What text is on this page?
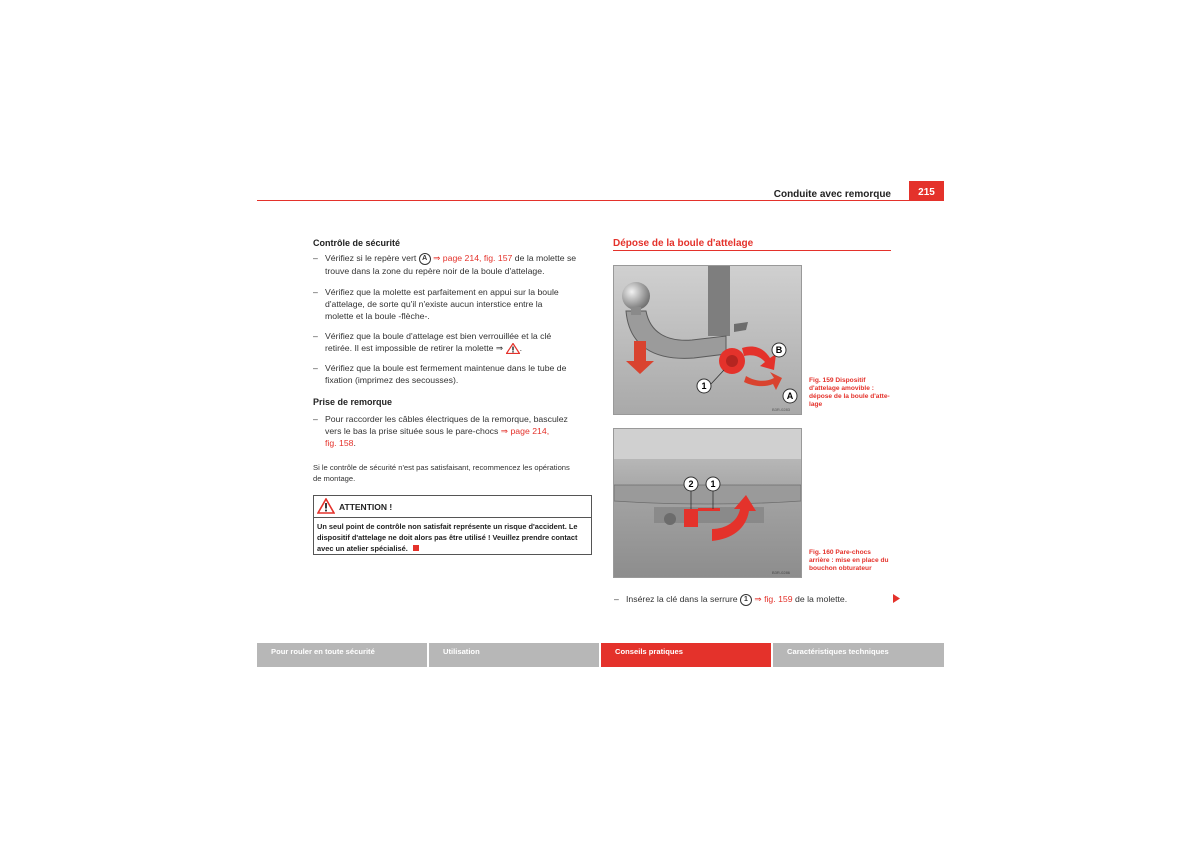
Conduite avec remorque	215
Contrôle de sécurité
– Vérifiez si le repère vert A ⇒ page 214, fig. 157 de la molette se
trouve dans la zone du repère noir de la boule d'attelage.
– Vérifiez que la molette est parfaitement en appui sur la boule
d'attelage, de sorte qu'il n'existe aucun interstice entre la
molette et la boule -flèche-.
– Vérifiez que la boule d'attelage est bien verrouillée et la clé
retirée. Il est impossible de retirer la molette ⇒ .
– Vérifiez que la boule est fermement maintenue dans le tube de
fixation (imprimez des secousses).
Prise de remorque
– Pour raccorder les câbles électriques de la remorque, basculez
vers le bas la prise située sous le pare-chocs ⇒ page 214,
fig. 158.
Si le contrôle de sécurité n'est pas satisfaisant, recommencez les opérations
de montage.
ATTENTION !
Un seul point de contrôle non satisfait représente un risque d'accident. Le
dispositif d'attelage ne doit alors pas être utilisé ! Veuillez prendre contact
avec un atelier spécialisé.
Dépose de la boule d'attelage
1
B
A
B3R-0283
Fig. 159 Dispositif
d'attelage amovible :
dépose de la boule d'atte-
lage
2 1
B3R-0286
Fig. 160 Pare-chocs
arrière : mise en place du
bouchon obturateur
– Insérez la clé dans la serrure 1 ⇒ fig. 159 de la molette.
Pour rouler en toute sécurité	Utilisation	Conseils pratiques	Caractéristiques techniques
